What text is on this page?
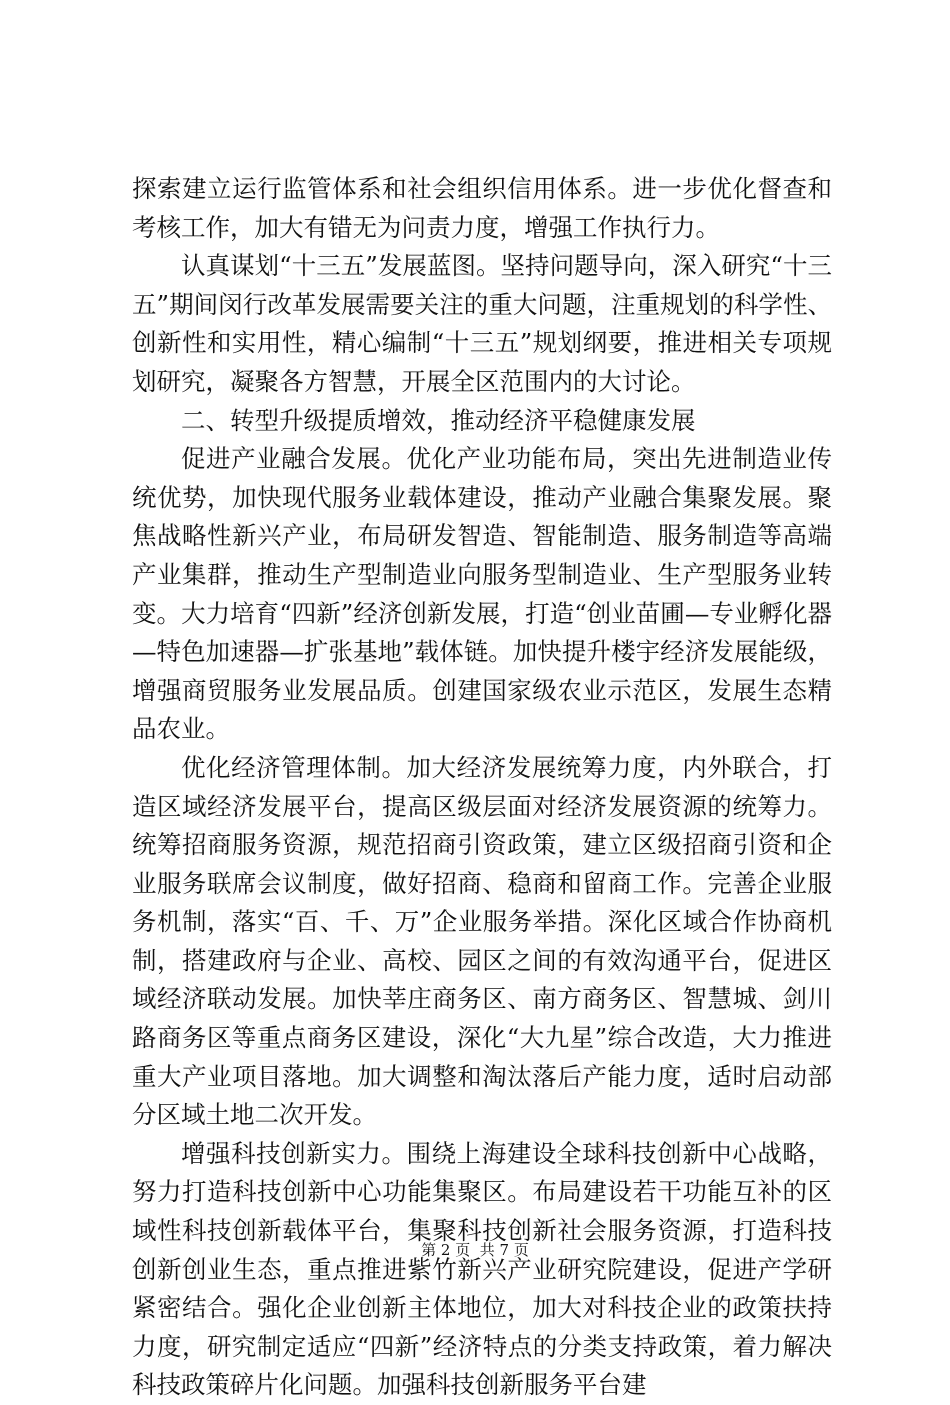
探索建立运行监管体系和社会组织信用体系。进一步优化督查和考核工作，加大有错无为问责力度，增强工作执行力。

认真谋划“十三五”发展蓝图。坚持问题导向，深入研究“十三五”期间闵行改革发展需要关注的重大问题，注重规划的科学性、创新性和实用性，精心编制“十三五”规划纲要，推进相关专项规划研究，凝聚各方智慧，开展全区范围内的大讨论。

二、转型升级提质增效，推动经济平稳健康发展

促进产业融合发展。优化产业功能布局，突出先进制造业传统优势，加快现代服务业载体建设，推动产业融合集聚发展。聚焦战略性新兴产业，布局研发智造、智能制造、服务制造等高端产业集群，推动生产型制造业向服务型制造业、生产型服务业转变。大力培育“四新”经济创新发展，打造“创业苗圃—专业孵化器—特色加速器—扩张基地”载体链。加快提升楼宇经济发展能级，增强商贸服务业发展品质。创建国家级农业示范区，发展生态精品农业。

优化经济管理体制。加大经济发展统筹力度，内外联合，打造区域经济发展平台，提高区级层面对经济发展资源的统筹力。统筹招商服务资源，规范招商引资政策，建立区级招商引资和企业服务联席会议制度，做好招商、稳商和留商工作。完善企业服务机制，落实“百、千、万”企业服务举措。深化区域合作协商机制，搭建政府与企业、高校、园区之间的有效沟通平台，促进区域经济联动发展。加快莘庄商务区、南方商务区、智慧城、剑川路商务区等重点商务区建设，深化“大九星”综合改造，大力推进重大产业项目落地。加大调整和淘汰落后产能力度，适时启动部分区域土地二次开发。

增强科技创新实力。围绕上海建设全球科技创新中心战略，努力打造科技创新中心功能集聚区。布局建设若干功能互补的区域性科技创新载体平台，集聚科技创新社会服务资源，打造科技创新创业生态，重点推进紫竹新兴产业研究院建设，促进产学研紧密结合。强化企业创新主体地位，加大对科技企业的政策扶持力度，研究制定适应“四新”经济特点的分类支持政策，着力解决科技政策碎片化问题。加强科技创新服务平台建

第 2 页  共 7 页
